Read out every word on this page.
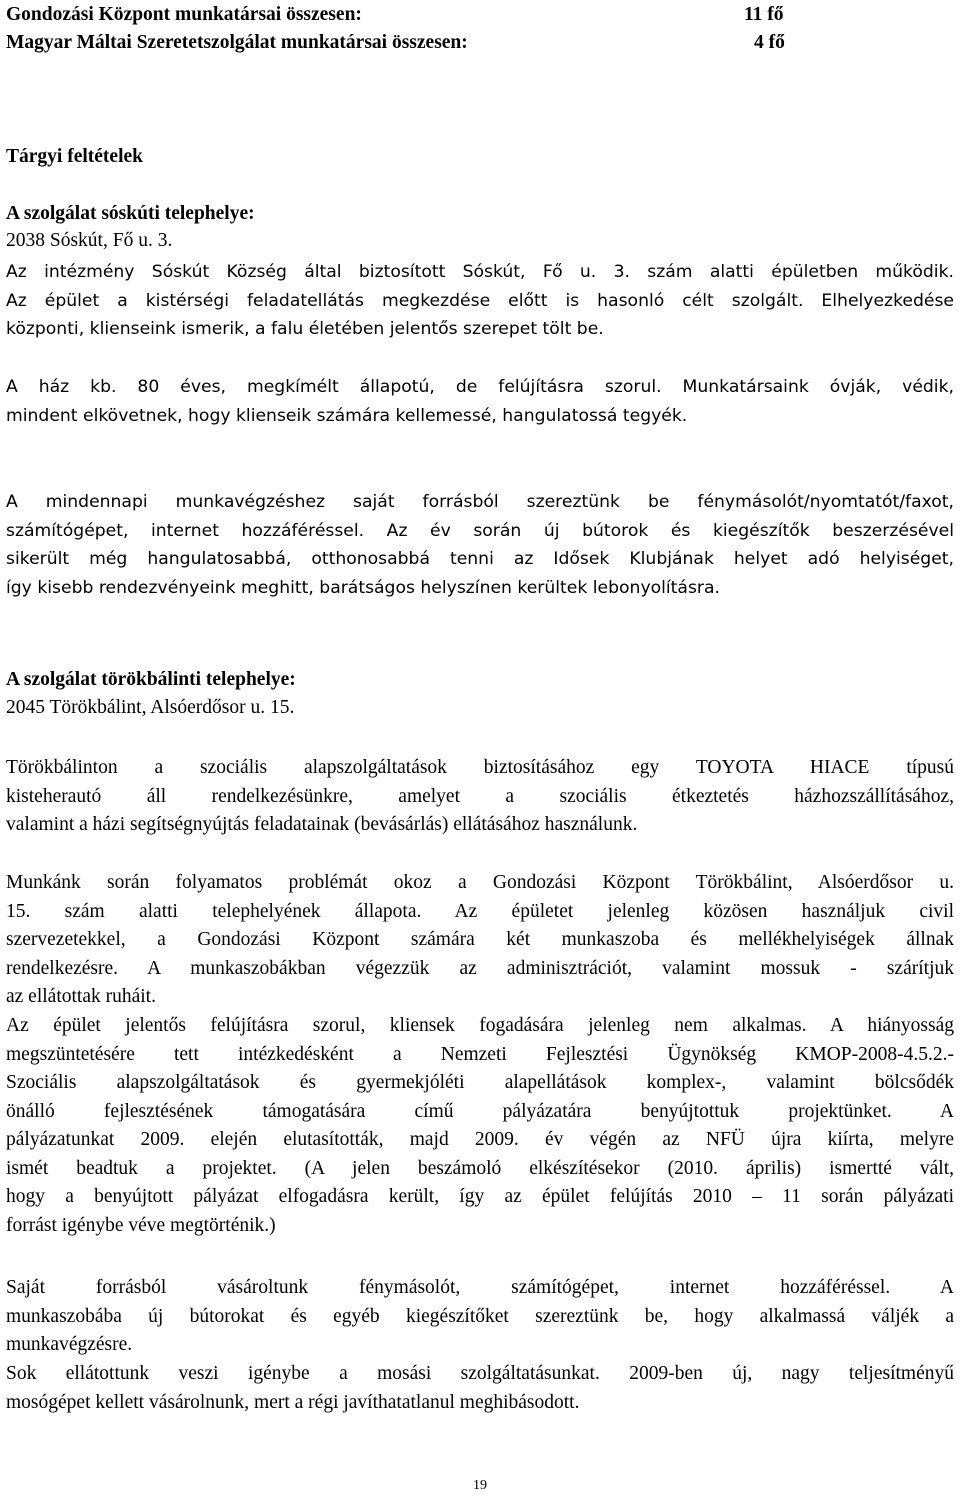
Gondozási Központ munkatársai összesen:	11 fő
Magyar Máltai Szeretetszolgálat munkatársai összesen:	4 fő
Tárgyi feltételek
A szolgálat sóskúti telephelye:
2038 Sóskút, Fő u. 3.
Az intézmény Sóskút Község által biztosított Sóskút, Fő u. 3. szám alatti épületben működik.
Az épület a kistérségi feladatellátás megkezdése előtt is hasonló célt szolgált. Elhelyezkedése
központi, klienseink ismerik, a falu életében jelentős szerepet tölt be.
A ház kb. 80 éves, megkímélt állapotú, de felújításra szorul. Munkatársaink óvják, védik,
mindent elkövetnek, hogy klienseik számára kellemessé, hangulatossá tegyék.
A mindennapi munkavégzéshez saját forrásból szereztünk be fénymásolót/nyomtatót/faxot,
számítógépet, internet hozzáféréssel. Az év során új bútorok és kiegészítők beszerzésével
sikerült még hangulatosabbá, otthonosabbá tenni az Idősek Klubjának helyet adó helyiséget,
így kisebb rendezvényeink meghitt, barátságos helyszínen kerültek lebonyolításra.
A szolgálat törökbálinti telephelye:
2045 Törökbálint, Alsóerdősor u. 15.
Törökbálinton a szociális alapszolgáltatások biztosításához egy TOYOTA HIACE típusú
kisteherautó áll rendelkezésünkre, amelyet a szociális étkeztetés házhozszállításához,
valamint a házi segítségnyújtás feladatainak (bevásárlás) ellátásához használunk.
Munkánk során folyamatos problémát okoz a Gondozási Központ Törökbálint, Alsóerdősor u.
15. szám alatti telephelyének állapota. Az épületet jelenleg közösen használjuk civil
szervezetekkel, a Gondozási Központ számára két munkaszoba és mellékhelyiségek állnak
rendelkezésre. A munkaszobákban végezzük az adminisztrációt, valamint mossuk - szárítjuk
az ellátottak ruháit.
Az épület jelentős felújításra szorul, kliensek fogadására jelenleg nem alkalmas. A hiányosság
megszüntetésére tett intézkedésként a Nemzeti Fejlesztési Ügynökség KMOP-2008-4.5.2.-
Szociális alapszolgáltatások és gyermekjóléti alapellátások komplex-, valamint bölcsődék
önálló fejlesztésének támogatására című pályázatára benyújtottuk projektünket. A
pályázatunkat 2009. elején elutasították, majd 2009. év végén az NFÜ újra kiírta, melyre
ismét beadtuk a projektet. (A jelen beszámoló elkészítésekor (2010. április) ismertté vált,
hogy a benyújtott pályázat elfogadásra került, így az épület felújítás 2010 – 11 során pályázati
forrást igénybe véve megtörténik.)
Saját forrásból vásároltunk fénymásolót, számítógépet, internet hozzáféréssel. A
munkaszobába új bútorokat és egyéb kiegészítőket szereztünk be, hogy alkalmassá váljék a
munkavégzésre.
Sok ellátottunk veszi igénybe a mosási szolgáltatásunkat. 2009-ben új, nagy teljesítményű
mosógépet kellett vásárolnunk, mert a régi javíthatatlanul meghibásodott.
19
